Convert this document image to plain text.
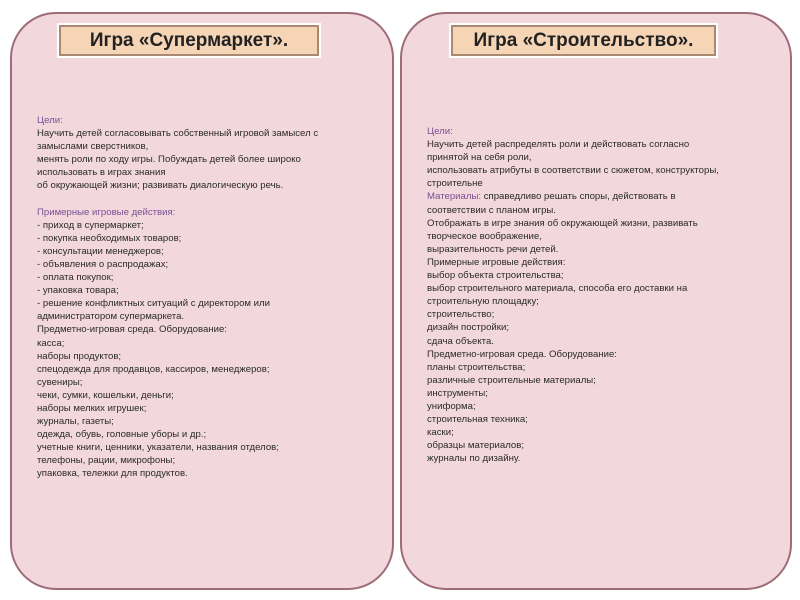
Игра «Супермаркет».	Игра «Строительство».
Цели:
Научить детей согласовывать собственный игровой замысел с
замыслами сверстников,
менять роли по ходу игры. Побуждать детей более широко
использовать в играх знания
об окружающей жизни; развивать диалогическую речь.
Примерные игровые действия:
- приход в супермаркет;
- покупка необходимых товаров;
- консультации менеджеров;
- объявления о распродажах;
- оплата покупок;
- упаковка товара;
- решение конфликтных ситуаций с директором или
администратором супермаркета.
Предметно-игровая среда. Оборудование:
касса;
наборы продуктов;
спецодежда для продавцов, кассиров, менеджеров;
сувениры;
чеки, сумки, кошельки, деньги;
наборы мелких игрушек;
журналы, газеты;
одежда, обувь, головные уборы и др.;
учетные книги, ценники, указатели, названия отделов;
телефоны, рации, микрофоны;
упаковка, тележки для продуктов.
Цели:
Научить детей распределять роли и действовать согласно
принятой на себя роли,
использовать атрибуты в соответствии с сюжетом, конструкторы,
строительне
Материалы: справедливо решать споры, действовать в
соответствии с планом игры.
Отображать в игре знания об окружающей жизни, развивать
творческое воображение,
выразительность речи детей.
Примерные игровые действия:
выбор объекта строительства;
выбор строительного материала, способа его доставки на
строительную площадку;
строительство;
дизайн постройки;
сдача объекта.
Предметно-игровая среда. Оборудование:
планы строительства;
различные строительные материалы;
инструменты;
униформа;
строительная техника;
каски;
образцы материалов;
журналы по дизайну.
